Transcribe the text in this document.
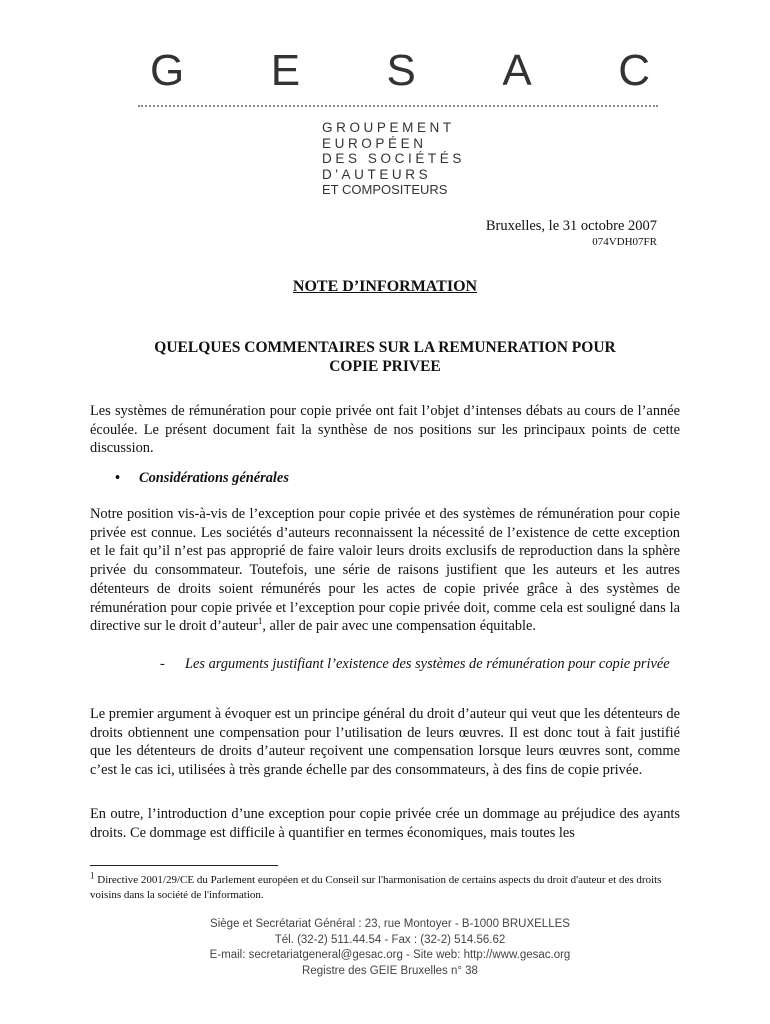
G E S A C
GROUPEMENT
EUROPÉEN
DES SOCIÉTÉS
D'AUTEURS
ET COMPOSITEURS
Bruxelles, le 31 octobre 2007
074VDH07FR
NOTE D’INFORMATION
QUELQUES COMMENTAIRES SUR LA REMUNERATION POUR
COPIE PRIVEE
Les systèmes de rémunération pour copie privée ont fait l’objet d’intenses débats au cours de l’année écoulée. Le présent document fait la synthèse de nos positions sur les principaux points de cette discussion.
• Considérations générales
Notre position vis-à-vis de l’exception pour copie privée et des systèmes de rémunération pour copie privée est connue. Les sociétés d’auteurs reconnaissent la nécessité de l’existence de cette exception et le fait qu’il n’est pas approprié de faire valoir leurs droits exclusifs de reproduction dans la sphère privée du consommateur. Toutefois, une série de raisons justifient que les auteurs et les autres détenteurs de droits soient rémunérés pour les actes de copie privée grâce à des systèmes de rémunération pour copie privée et l’exception pour copie privée doit, comme cela est souligné dans la directive sur le droit d’auteur$^1$, aller de pair avec une compensation équitable.
- Les arguments justifiant l’existence des systèmes de rémunération pour copie privée
Le premier argument à évoquer est un principe général du droit d’auteur qui veut que les détenteurs de droits obtiennent une compensation pour l’utilisation de leurs œuvres. Il est donc tout à fait justifié que les détenteurs de droits d’auteur reçoivent une compensation lorsque leurs œuvres sont, comme c’est le cas ici, utilisées à très grande échelle par des consommateurs, à des fins de copie privée.
En outre, l’introduction d’une exception pour copie privée crée un dommage au préjudice des ayants droits. Ce dommage est difficile à quantifier en termes économiques, mais toutes les
$^1$ Directive 2001/29/CE du Parlement européen et du Conseil sur l'harmonisation de certains aspects du droit d'auteur et des droits voisins dans la société de l'information.
Siège et Secrétariat Général : 23, rue Montoyer - B-1000 BRUXELLES
Tél. (32-2) 511.44.54 - Fax : (32-2) 514.56.62
E-mail: secretariatgeneral@gesac.org - Site web: http://www.gesac.org
Registre des GEIE Bruxelles n° 38
